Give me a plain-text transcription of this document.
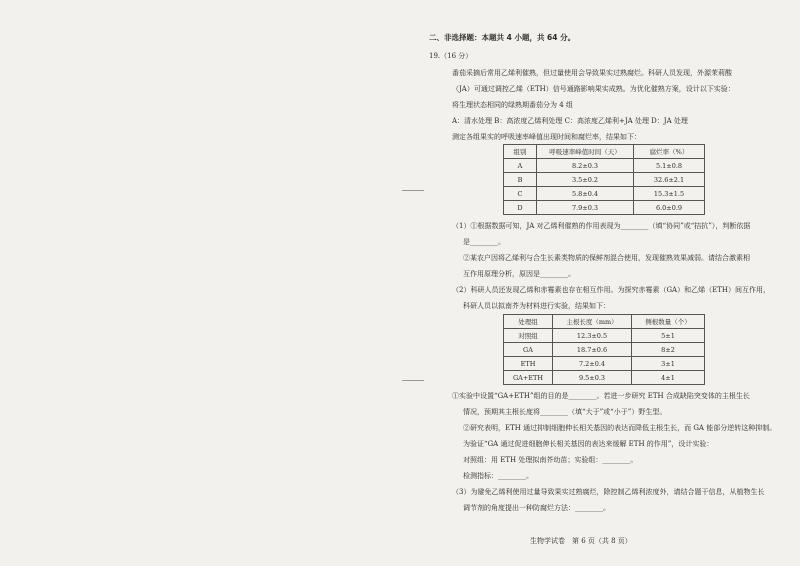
二、非选择题：本题共 4 小题，共 64 分。
19.（16 分）
番茄采摘后常用乙烯利催熟，但过量使用会导致果实过熟腐烂。科研人员发现，外源茉莉酸
（JA）可通过调控乙烯（ETH）信号通路影响果实成熟。为优化催熟方案，设计以下实验：
将生理状态相同的绿熟期番茄分为 4 组
A：清水处理 B：高浓度乙烯利处理 C：高浓度乙烯利+JA 处理 D：JA 处理
测定各组果实的呼吸速率峰值出现时间和腐烂率，结果如下：
组别	呼吸速率峰值时间（天）	腐烂率（%）
A	8.2±0.3	5.1±0.8
B	3.5±0.2	32.6±2.1
C	5.8±0.4	15.3±1.5
D	7.9±0.3	6.0±0.9
（1）①根据数据可知，JA 对乙烯利催熟的作用表现为________（填“协同”或“拮抗”），判断依据
是________。
②某农户因将乙烯利与合生长素类物质的保鲜剂混合使用，发现催熟效果减弱。请结合激素相
互作用原理分析，原因是________。
（2）科研人员还发现乙烯和赤霉素也存在相互作用。为探究赤霉素（GA）和乙烯（ETH）间互作用，
科研人员以拟南芥为材料进行实验，结果如下：
处理组	主根长度（mm）	侧根数量（个）
对照组	12.3±0.5	5±1
GA	18.7±0.6	8±2
ETH	7.2±0.4	3±1
GA+ETH	9.5±0.3	4±1
①实验中设置“GA+ETH”组的目的是________。若进一步研究 ETH 合成缺陷突变体的主根生长
情况，预期其主根长度将________（填“大于”或“小于”）野生型。
②研究表明，ETH 通过抑制细胞伸长相关基因的表达而降低主根生长，而 GA 能部分逆转这种抑制。
为验证“GA 通过促进细胞伸长相关基因的表达来缓解 ETH 的作用”，设计实验：
对照组：用 ETH 处理拟南芥幼苗；实验组：________。
检测指标：________。
（3）为避免乙烯利使用过量导致果实过熟腐烂，除控制乙烯利浓度外，请结合题干信息，从植物生长
调节剂的角度提出一种防腐烂方法：________。
生物学试卷　第 6 页（共 8 页）
